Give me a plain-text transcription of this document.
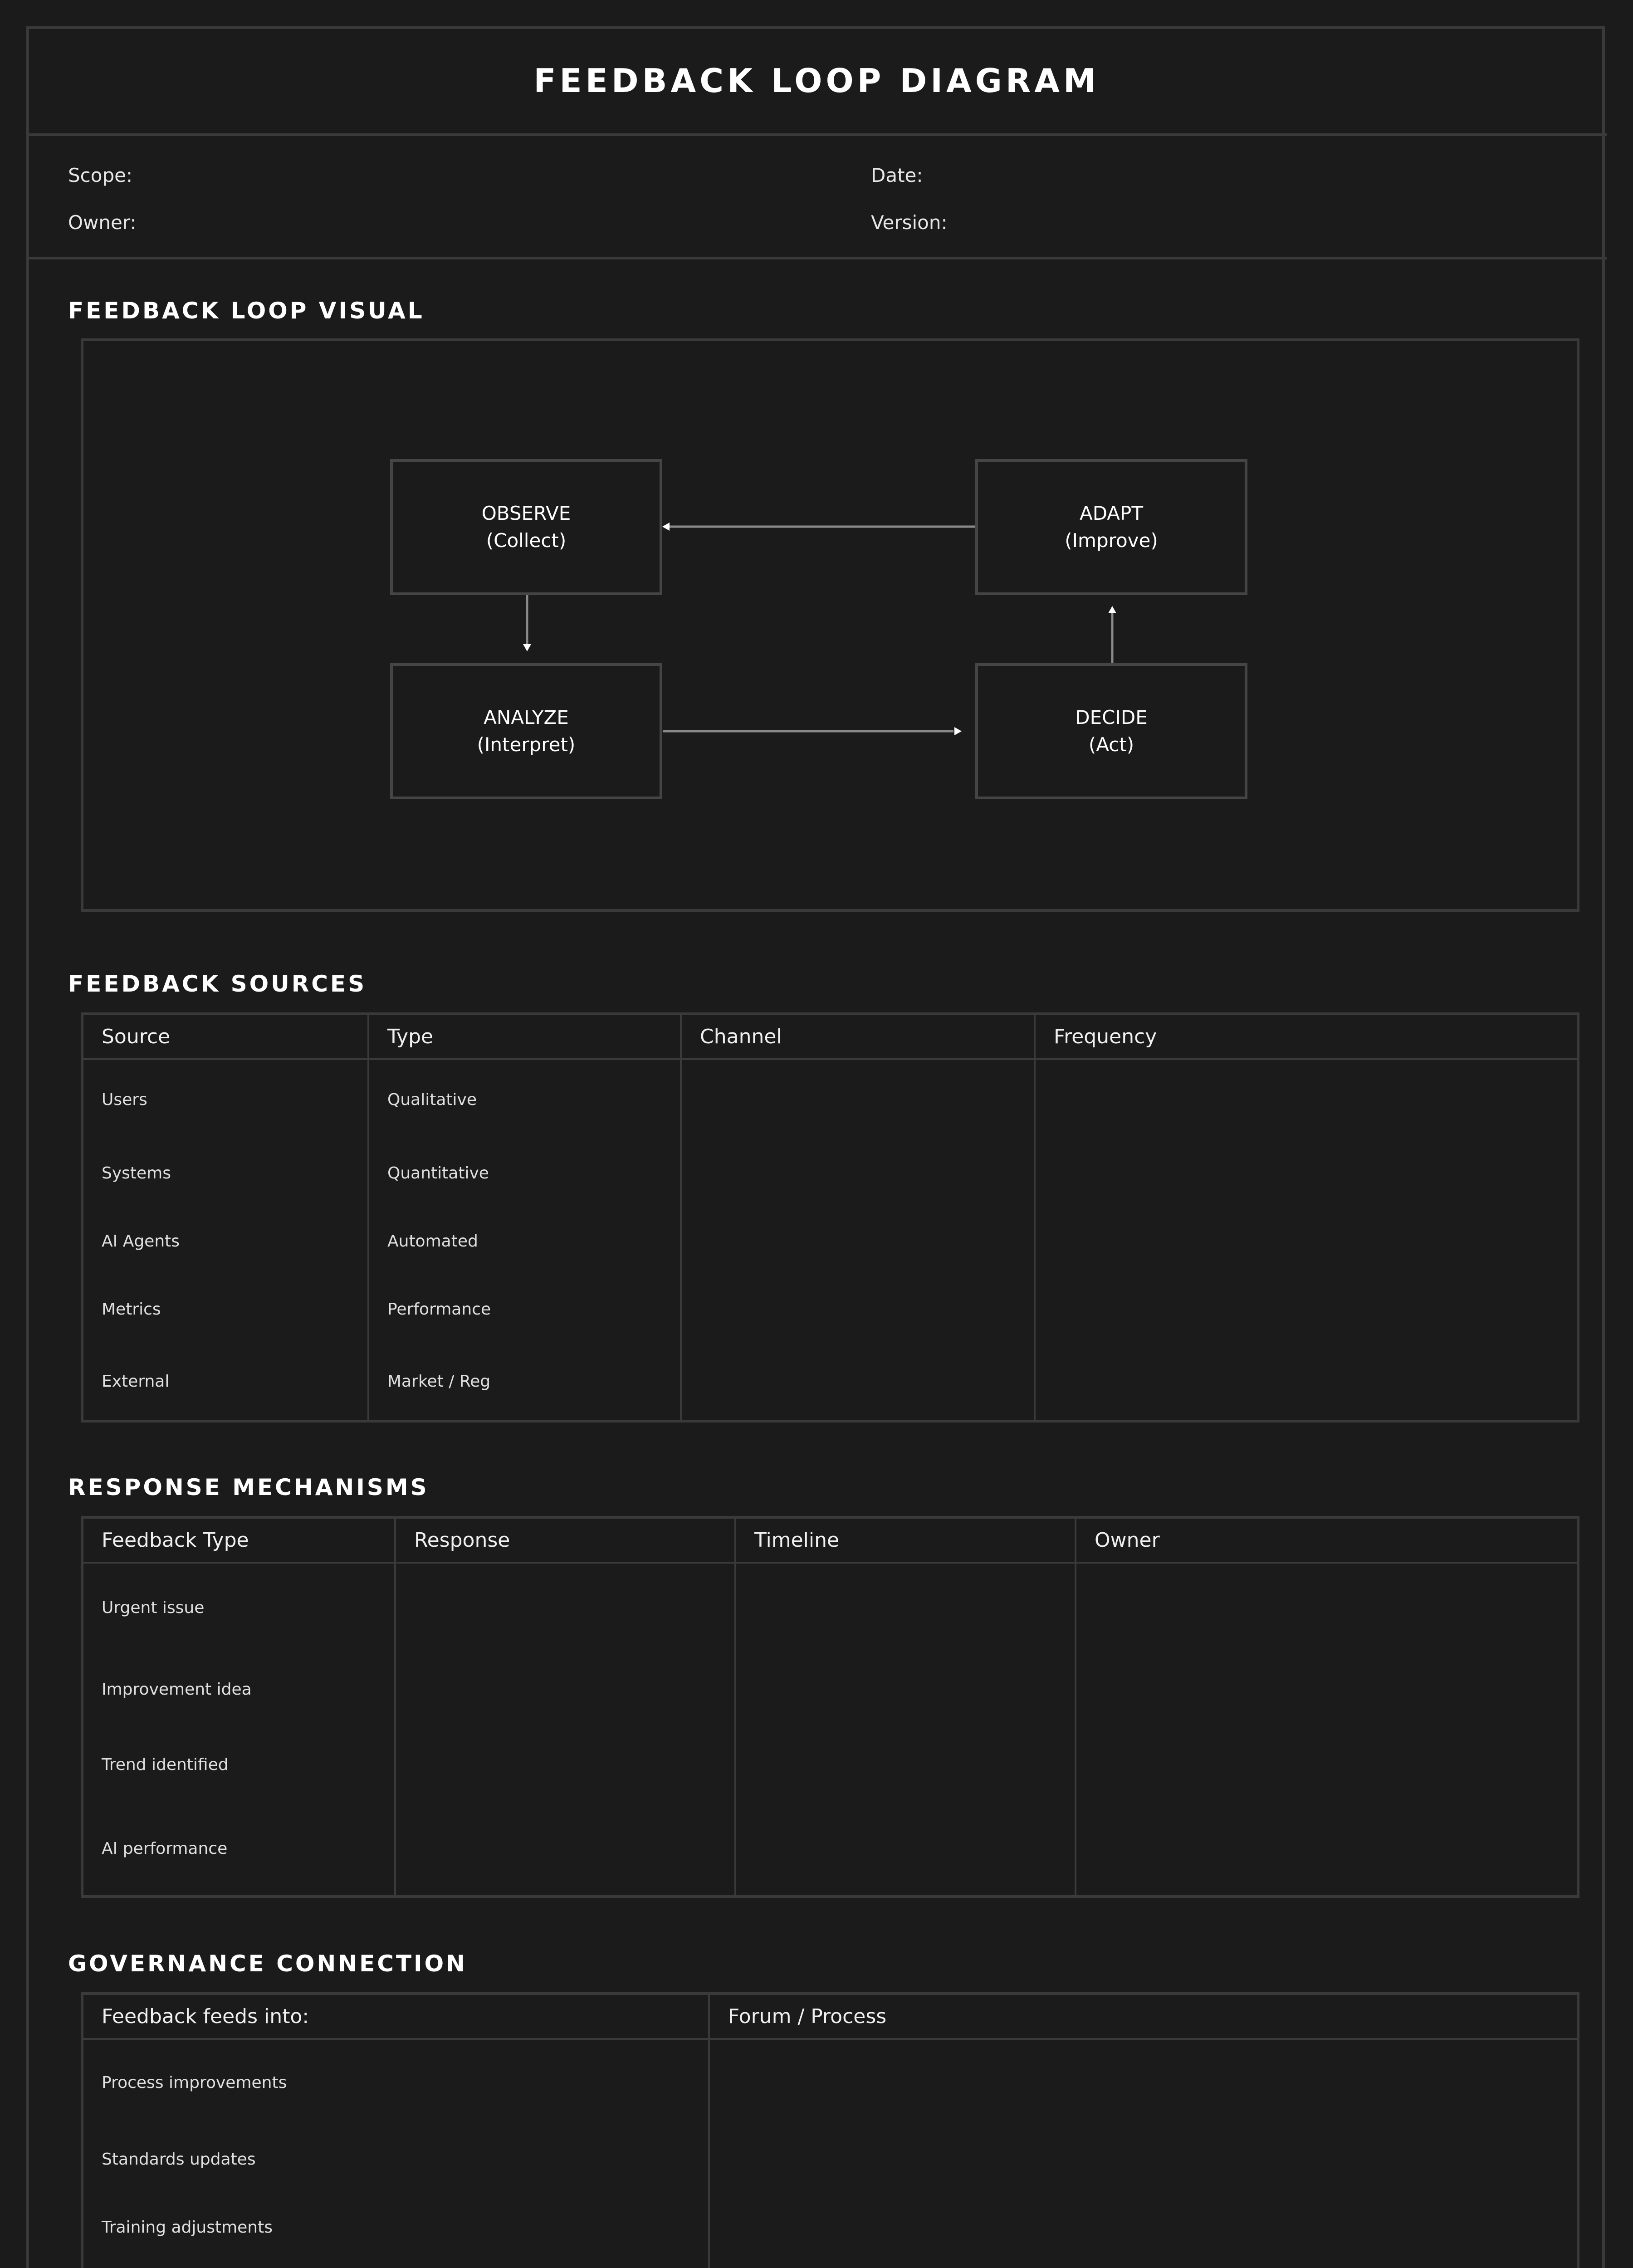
FEEDBACK LOOP DIAGRAM
Scope:	Date:
Owner:	Version:
FEEDBACK LOOP VISUAL
OBSERVE
(Collect)
ADAPT
(Improve)
ANALYZE
(Interpret)
DECIDE
(Act)
FEEDBACK SOURCES
Source	Type	Channel	Frequency
Users	Qualitative		
Systems	Quantitative		
AI Agents	Automated		
Metrics	Performance		
External	Market / Reg		
RESPONSE MECHANISMS
Feedback Type	Response	Timeline	Owner
Urgent issue			
Improvement idea			
Trend identified			
AI performance			
GOVERNANCE CONNECTION
Feedback feeds into:	Forum / Process
Process improvements	
Standards updates	
Training adjustments	
